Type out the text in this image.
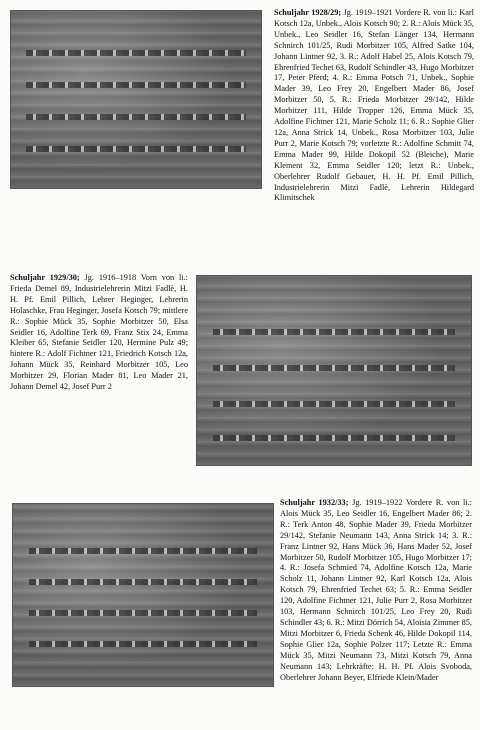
Schuljahr 1928/29; Jg. 1919–1921 Vordere R. von li.: Karl Kotsch 12a, Unbek., Alois Kotsch 90; 2. R.: Alois Mück 35, Unbek., Leo Seidler 16, Stefan Länger 134, Hermann Schnirch 101/25, Rudi Morbitzer 105, Alfred Satke 104, Johann Lintner 92, 3. R.: Adolf Habel 25, Alois Kotsch 79, Ehrenfried Techet 63, Rudolf Schindler 43, Hugo Morbitzer 17, Peter Pferd; 4. R.: Emma Potsch 71, Unbek., Sophie Mader 39, Leo Frey 20, Engelbert Mader 86, Josef Morbitzer 50, 5. R.: Frieda Morbitzer 29/142, Hilde Morbitzer 111, Hilde Tropper 126, Emma Mück 35, Adolfine Fichtner 121, Marie Scholz 11; 6. R.: Sophie Glier 12a, Anna Strick 14, Unbek., Rosa Morbitzer 103, Julie Purr 2, Marie Kotsch 79; vorletzte R.: Adolfine Schmitt 74, Emma Mader 99, Hilde Dokopil 52 (Bleiche), Marie Klement 32, Emma Seidler 120; letzt R.: Unbek., Oberlehrer Rudolf Gebauer, H. H. Pf. Emil Pillich, Industrielehrerin Mitzi Fadlè, Lehrerin Hildegard Klimitschek
Schuljahr 1929/30; Jg. 1916–1918 Vorn von li.: Frieda Demel 89, Industrielehrerin Mitzi Fadlè, H. H. Pf. Emil Pillich, Lehrer Heginger, Lehrerin Holaschke, Frau Heginger, Josefa Kotsch 79; mittlere R.: Sophie Mück 35, Sophie Morbitzer 50, Elsa Seidler 16, Adolfine Terk 69, Franz Stix 24, Emma Kleiber 65, Stefanie Seidler 120, Hermine Pulz 49; hintere R.: Adolf Fichtner 121, Friedrich Kotsch 12a, Johann Mück 35, Reinhard Morbitzer 105, Leo Morbitzer 29, Florian Mader 81, Leo Mader 21, Johann Demel 42, Josef Purr 2
Schuljahr 1932/33; Jg. 1919–1922 Vordere R. von li.: Alois Mück 35, Leo Seidler 16, Engelbert Mader 86; 2. R.: Terk Anton 48, Sophie Mader 39, Frieda Morbitzer 29/142, Stefanie Neumann 143, Anna Strick 14; 3. R.: Franz Lintner 92, Hans Mück 36, Hans Mader 52, Josef Morbitzer 50, Rudolf Morbitzer 105, Hugo Morbitzer 17; 4. R.: Josefa Schmied 74, Adolfine Kotsch 12a, Marie Scholz 11, Johann Lintner 92, Karl Kotsch 12a, Alois Kotsch 79, Ehrenfried Techet 63; 5. R.: Emma Seidler 120, Adolfine Fichtner 121, Julie Purr 2, Rosa Morbitzer 103, Hermann Schnirch 101/25, Leo Frey 20, Rudi Schindler 43; 6. R.: Mitzi Dörrich 54, Aloisia Zimmer 85, Mitzi Morbitzer 6, Frieda Schenk 46, Hilde Dokopil 114, Sophie Glier 12a, Sophie Polzer 117; Letzte R.: Emma Mück 35, Mitzi Neumann 73, Mitzi Kotsch 79, Anna Neumann 143; Lehrkräfte: H. H. Pf. Alois Svoboda, Oberlehrer Johann Beyer, Elfriede Klein/Mader
